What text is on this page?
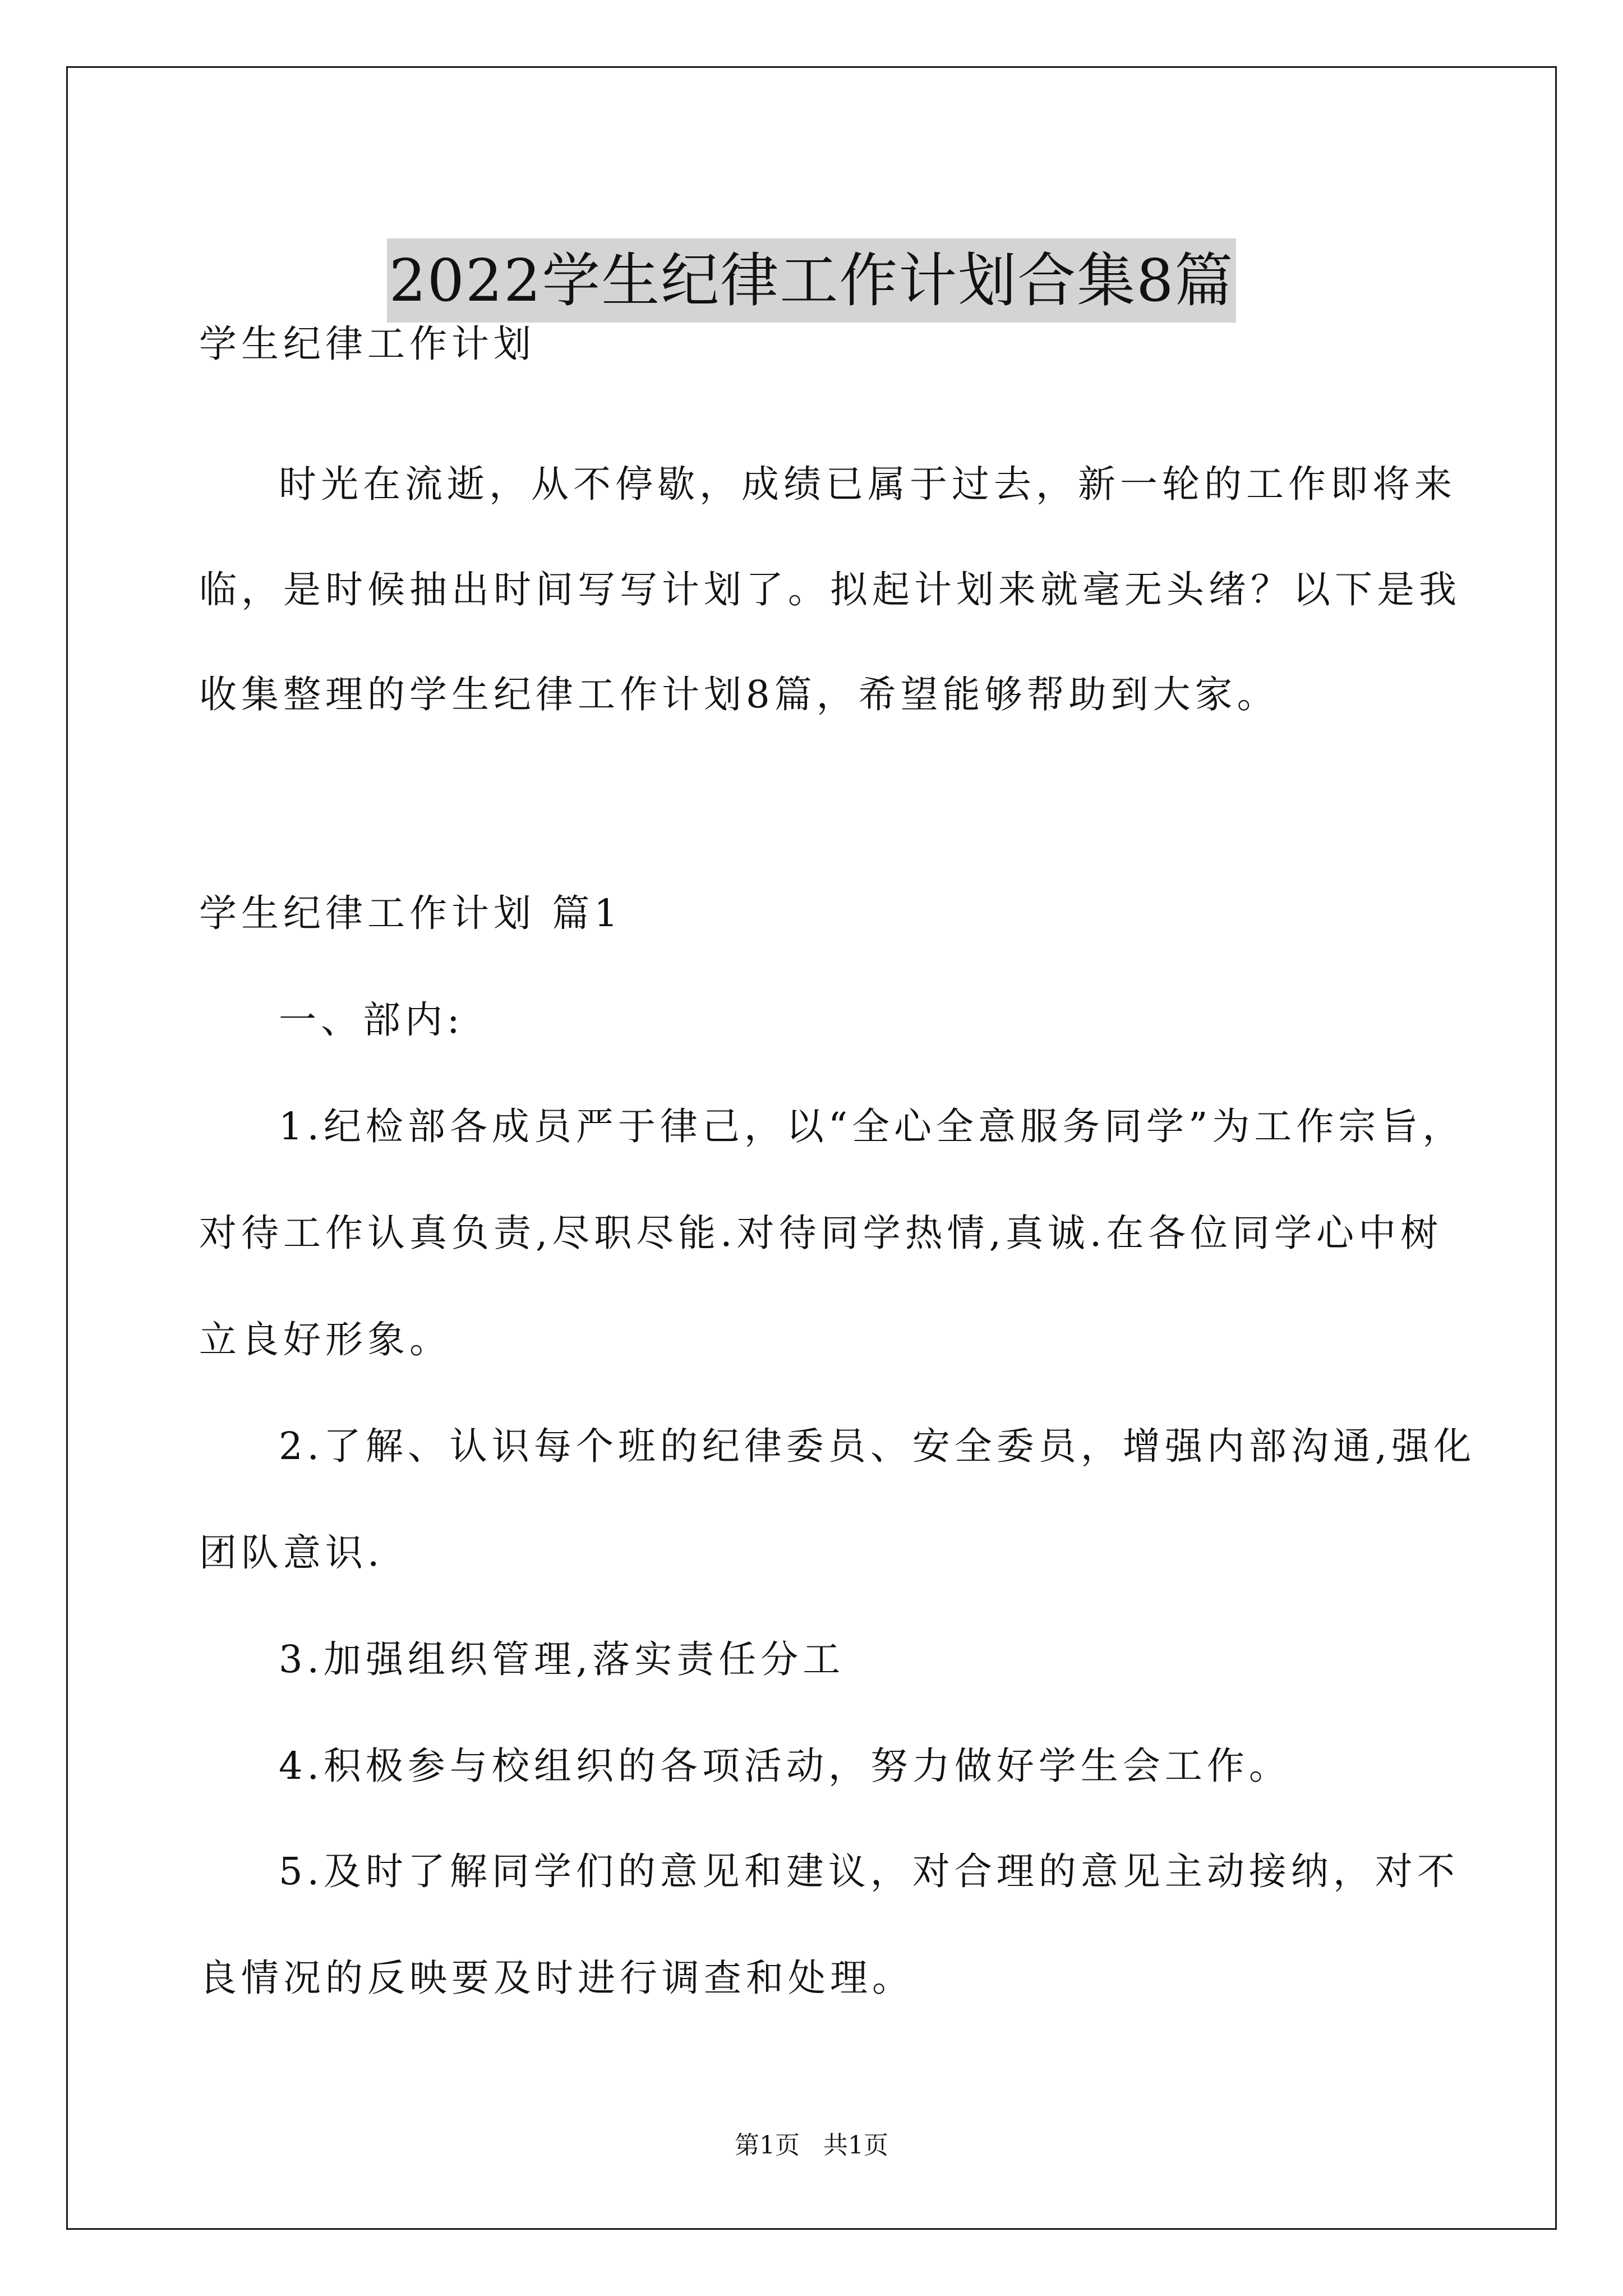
2022学生纪律工作计划合集8篇
学生纪律工作计划
时光在流逝，从不停歇，成绩已属于过去，新一轮的工作即将来
临，是时候抽出时间写写计划了。拟起计划来就毫无头绪？以下是我
收集整理的学生纪律工作计划8篇，希望能够帮助到大家。
学生纪律工作计划 篇1
一、部内:
1.纪检部各成员严于律己，以“全心全意服务同学”为工作宗旨，
对待工作认真负责,尽职尽能.对待同学热情,真诚.在各位同学心中树
立良好形象。
2.了解、认识每个班的纪律委员、安全委员，增强内部沟通,强化
团队意识.
3.加强组织管理,落实责任分工
4.积极参与校组织的各项活动，努力做好学生会工作。
5.及时了解同学们的意见和建议，对合理的意见主动接纳，对不
良情况的反映要及时进行调查和处理。
第1页   共1页
